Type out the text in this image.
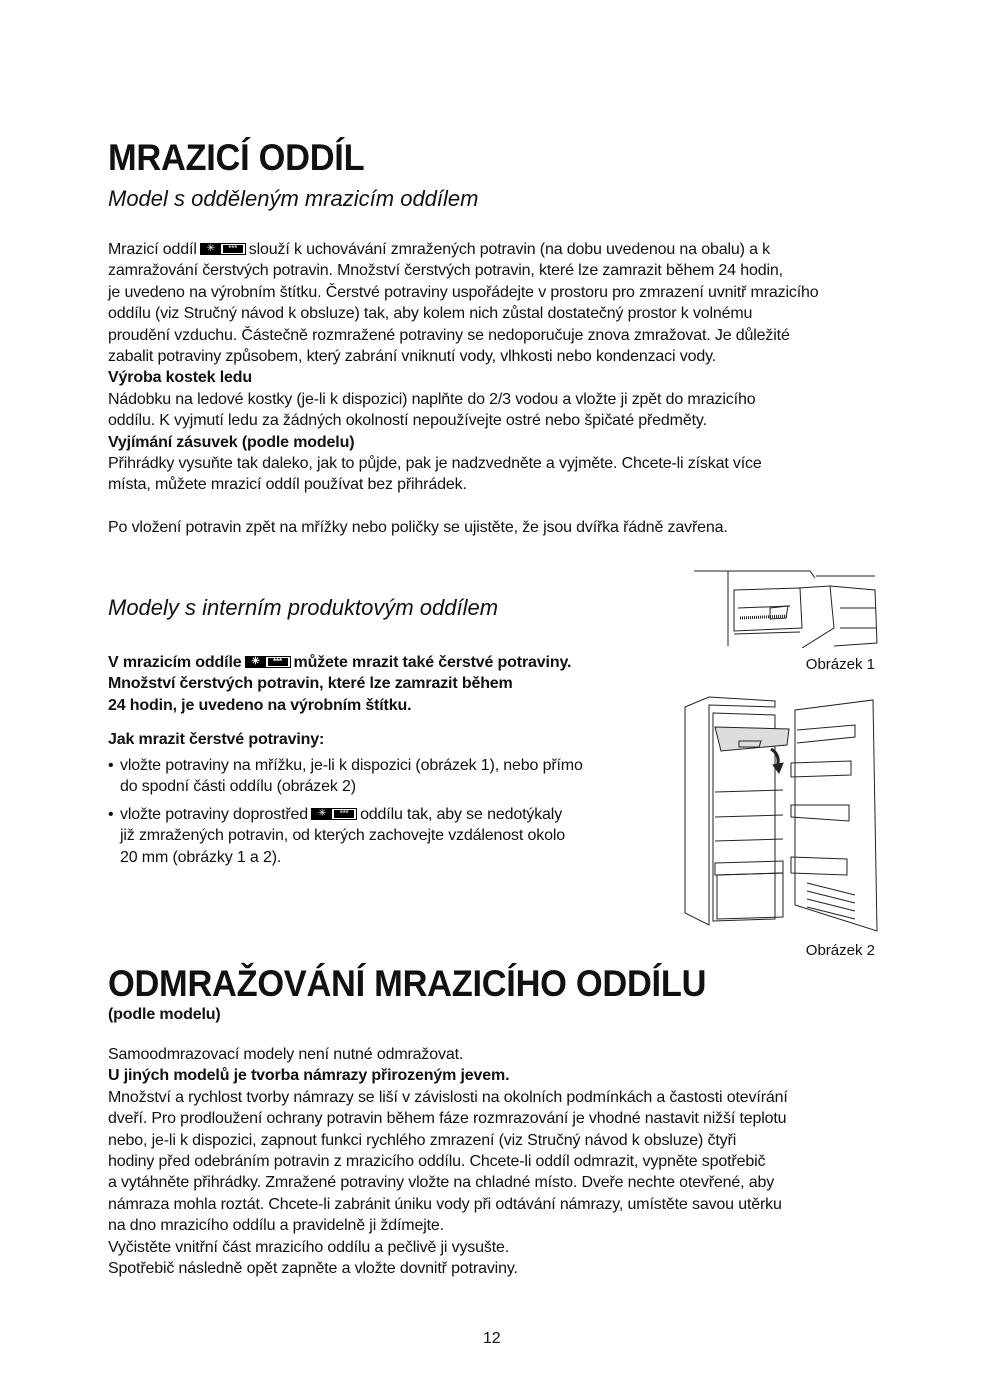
MRAZICÍ ODDÍL
Model s odděleným mrazicím oddílem
Mrazicí oddíl ✳	*** slouží k uchovávání zmražených potravin (na dobu uvedenou na obalu) a k
zamražování čerstvých potravin. Množství čerstvých potravin, které lze zamrazit během 24 hodin,
je uvedeno na výrobním štítku. Čerstvé potraviny uspořádejte v prostoru pro zmrazení uvnitř mrazicího
oddílu (viz Stručný návod k obsluze) tak, aby kolem nich zůstal dostatečný prostor k volnému
proudění vzduchu. Částečně rozmražené potraviny se nedoporučuje znova zmražovat. Je důležité
zabalit potraviny způsobem, který zabrání vniknutí vody, vlhkosti nebo kondenzaci vody.
Výroba kostek ledu
Nádobku na ledové kostky (je-li k dispozici) naplňte do 2/3 vodou a vložte ji zpět do mrazicího
oddílu. K vyjmutí ledu za žádných okolností nepoužívejte ostré nebo špičaté předměty.
Vyjímání zásuvek (podle modelu)
Přihrádky vysuňte tak daleko, jak to půjde, pak je nadzvedněte a vyjměte. Chcete-li získat více
místa, můžete mrazicí oddíl používat bez přihrádek.
Po vložení potravin zpět na mřížky nebo poličky se ujistěte, že jsou dvířka řádně zavřena.
Modely s interním produktovým oddílem
V mrazicím oddíle ✳	*** můžete mrazit také čerstvé potraviny.
Množství čerstvých potravin, které lze zamrazit během
24 hodin, je uvedeno na výrobním štítku.
Jak mrazit čerstvé potraviny:
• vložte potraviny na mřížku, je-li k dispozici (obrázek 1), nebo přímo
do spodní části oddílu (obrázek 2)
• vložte potraviny doprostřed ✳	*** oddílu tak, aby se nedotýkaly
již zmražených potravin, od kterých zachovejte vzdálenost okolo
20 mm (obrázky 1 a 2).
Obrázek 1
Obrázek 2
ODMRAŽOVÁNÍ MRAZICÍHO ODDÍLU
(podle modelu)
Samoodmrazovací modely není nutné odmražovat.
U jiných modelů je tvorba námrazy přirozeným jevem.
Množství a rychlost tvorby námrazy se liší v závislosti na okolních podmínkách a častosti otevírání
dveří. Pro prodloužení ochrany potravin během fáze rozmrazování je vhodné nastavit nižší teplotu
nebo, je-li k dispozici, zapnout funkci rychlého zmrazení (viz Stručný návod k obsluze) čtyři
hodiny před odebráním potravin z mrazicího oddílu. Chcete-li oddíl odmrazit, vypněte spotřebič
a vytáhněte přihrádky. Zmražené potraviny vložte na chladné místo. Dveře nechte otevřené, aby
námraza mohla roztát. Chcete-li zabránit úniku vody při odtávání námrazy, umístěte savou utěrku
na dno mrazicího oddílu a pravidelně ji ždímejte.
Vyčistěte vnitřní část mrazicího oddílu a pečlivě ji vysušte.
Spotřebič následně opět zapněte a vložte dovnitř potraviny.
12
